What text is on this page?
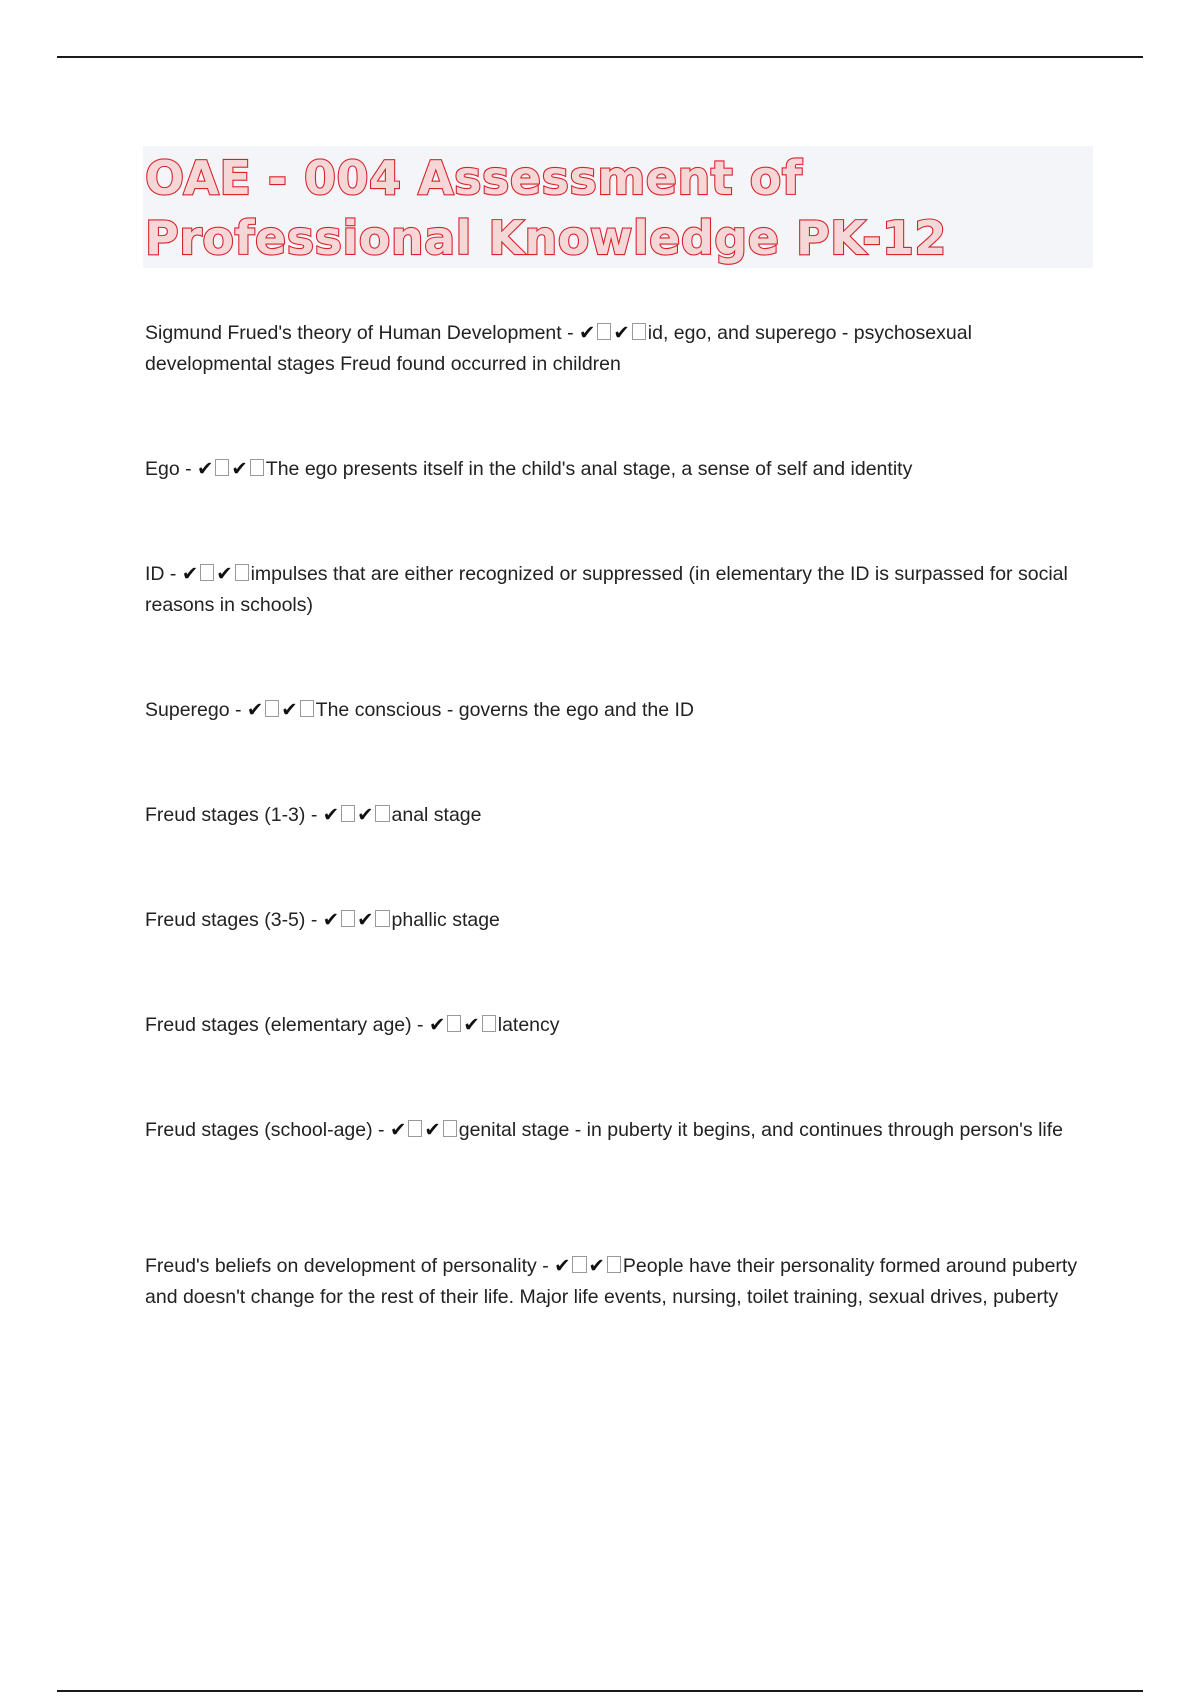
OAE - 004 Assessment of Professional Knowledge PK-12

Sigmund Frued's theory of Human Development - ✔ ✔ id, ego, and superego - psychosexual developmental stages Freud found occurred in children

Ego - ✔ ✔ The ego presents itself in the child's anal stage, a sense of self and identity

ID - ✔ ✔ impulses that are either recognized or suppressed (in elementary the ID is surpassed for social reasons in schools)

Superego - ✔ ✔ The conscious - governs the ego and the ID

Freud stages (1-3) - ✔ ✔ anal stage

Freud stages (3-5) - ✔ ✔ phallic stage

Freud stages (elementary age) - ✔ ✔ latency

Freud stages (school-age) - ✔ ✔ genital stage - in puberty it begins, and continues through person's life

Freud's beliefs on development of personality - ✔ ✔ People have their personality formed around puberty and doesn't change for the rest of their life. Major life events, nursing, toilet training, sexual drives, puberty
